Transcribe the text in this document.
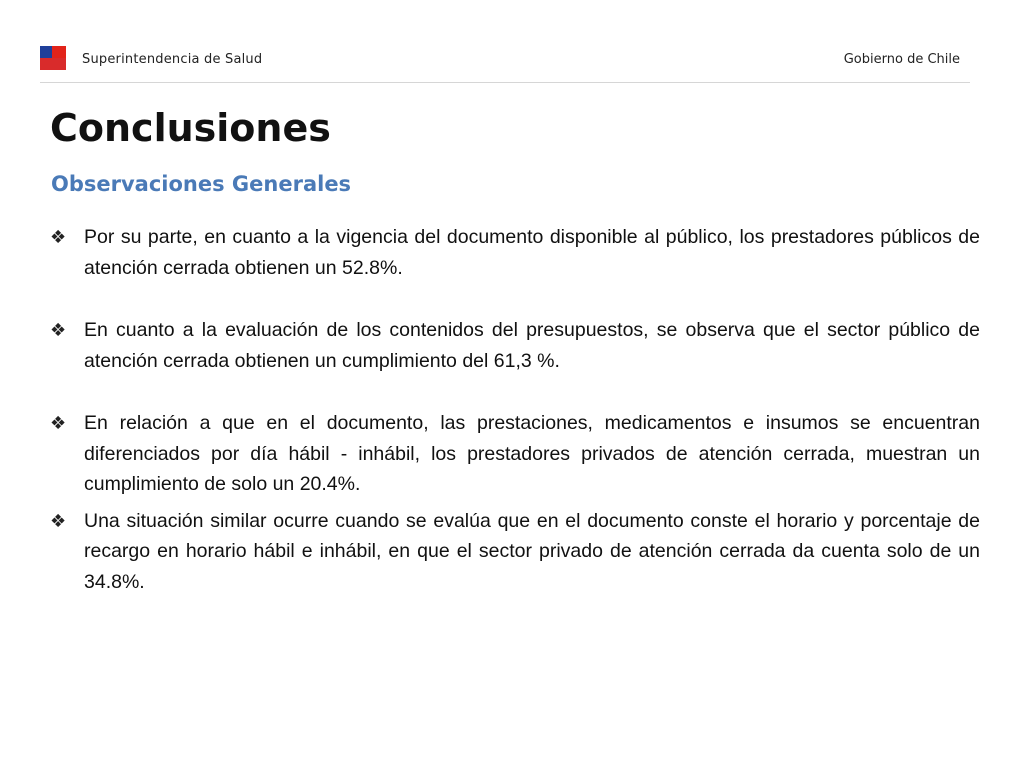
Superintendencia de Salud	Gobierno de Chile
Conclusiones
Observaciones Generales
❖ Por su parte, en cuanto a la vigencia del documento disponible al público, los prestadores públicos de atención cerrada obtienen un 52.8%.
❖ En cuanto a la evaluación de los contenidos del presupuestos, se observa que el sector público de atención cerrada obtienen un cumplimiento del 61,3 %.
❖ En relación a que en el documento, las prestaciones, medicamentos e insumos se encuentran diferenciados por día hábil - inhábil, los prestadores privados de atención cerrada, muestran un cumplimiento de solo un 20.4%.
❖ Una situación similar ocurre cuando se evalúa que en el documento conste el horario y porcentaje de recargo en horario hábil e inhábil, en que el sector privado de atención cerrada da cuenta solo de un 34.8%.
